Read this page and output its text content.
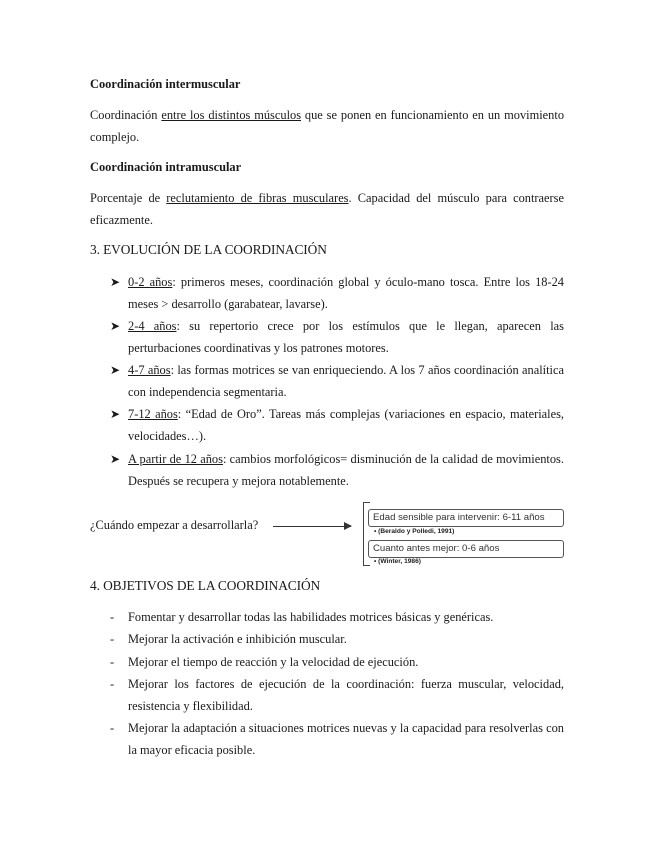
Coordinación intermuscular
Coordinación entre los distintos músculos que se ponen en funcionamiento en un movimiento complejo.
Coordinación intramuscular
Porcentaje de reclutamiento de fibras musculares. Capacidad del músculo para contraerse eficazmente.
3. EVOLUCIÓN DE LA COORDINACIÓN
➤ 0-2 años: primeros meses, coordinación global y óculo-mano tosca. Entre los 18-24 meses > desarrollo (garabatear, lavarse).
➤ 2-4 años: su repertorio crece por los estímulos que le llegan, aparecen las perturbaciones coordinativas y los patrones motores.
➤ 4-7 años: las formas motrices se van enriqueciendo. A los 7 años coordinación analítica con independencia segmentaria.
➤ 7-12 años: “Edad de Oro”. Tareas más complejas (variaciones en espacio, materiales, velocidades…).
➤ A partir de 12 años: cambios morfológicos= disminución de la calidad de movimientos. Después se recupera y mejora notablemente.
¿Cuándo empezar a desarrollarla?
Edad sensible para intervenir: 6-11 años
• (Beraldo y Polledi, 1991)
Cuanto antes mejor: 0-6 años
• (Winter, 1986)
4. OBJETIVOS DE LA COORDINACIÓN
-	Fomentar y desarrollar todas las habilidades motrices básicas y genéricas.
-	Mejorar la activación e inhibición muscular.
-	Mejorar el tiempo de reacción y la velocidad de ejecución.
-	Mejorar los factores de ejecución de la coordinación: fuerza muscular, velocidad, resistencia y flexibilidad.
-	Mejorar la adaptación a situaciones motrices nuevas y la capacidad para resolverlas con la mayor eficacia posible.
